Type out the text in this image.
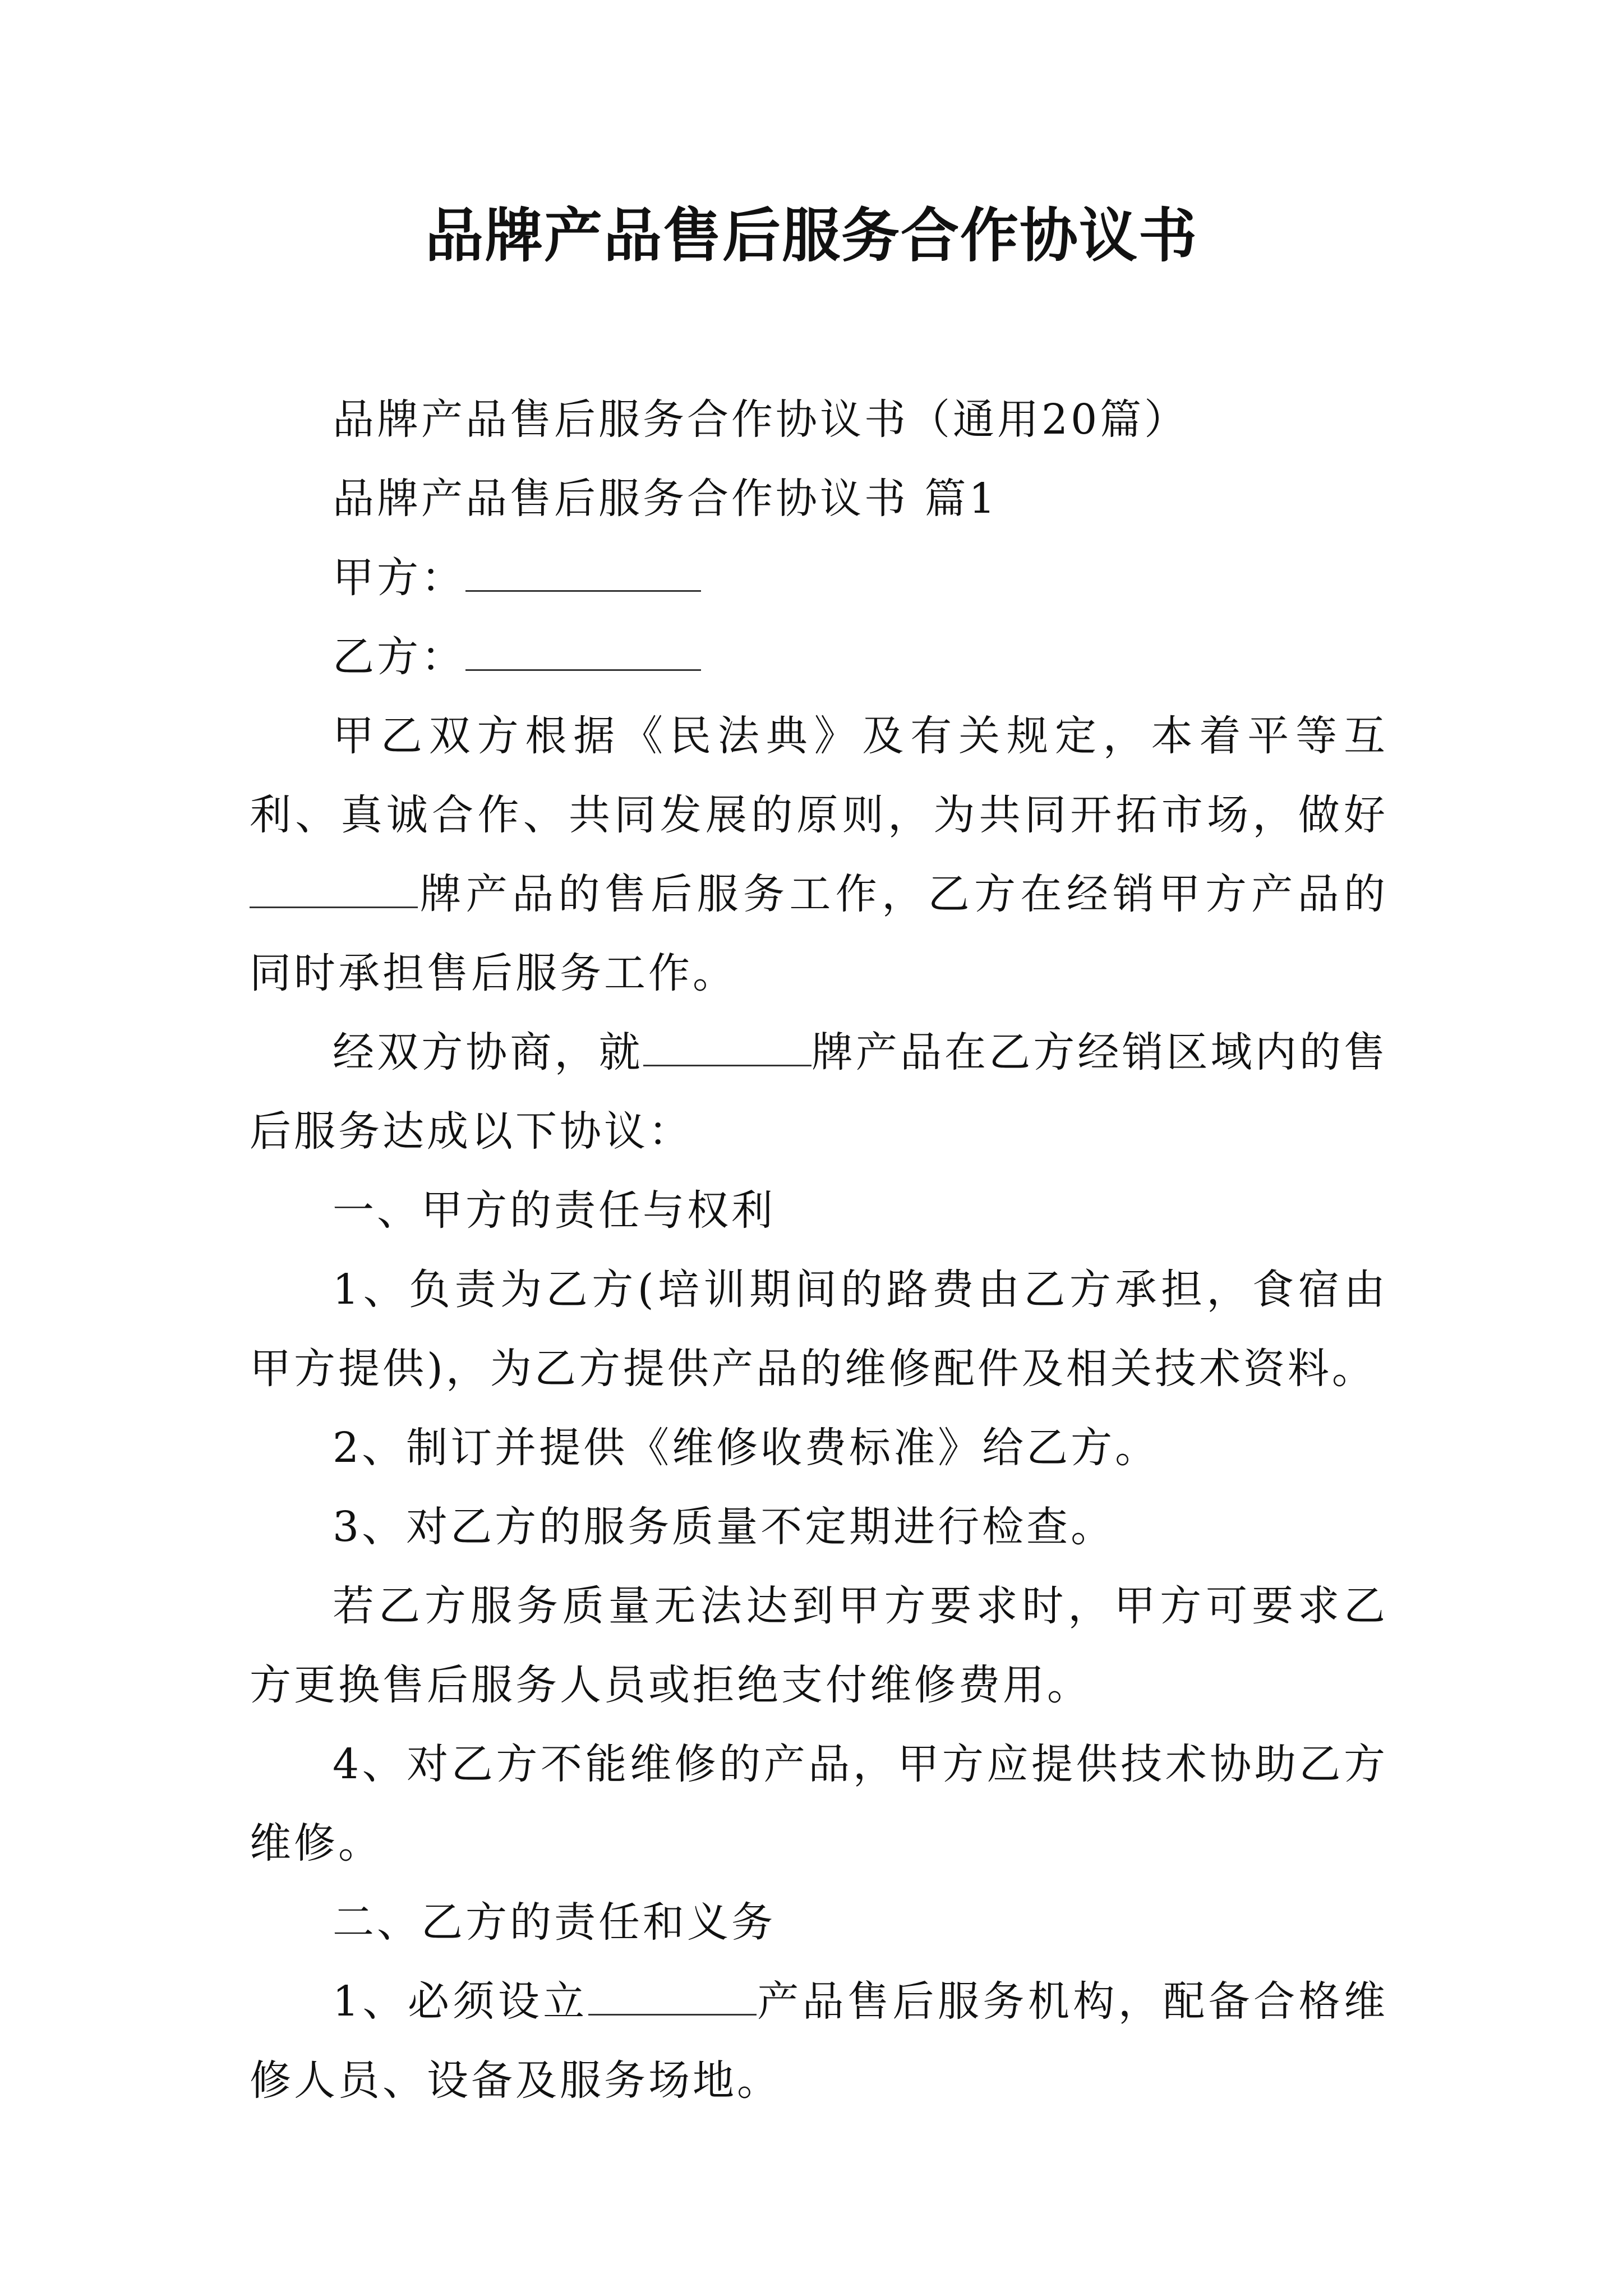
品牌产品售后服务合作协议书

品牌产品售后服务合作协议书（通用20篇）

品牌产品售后服务合作协议书 篇1

甲方：

乙方：

甲乙双方根据《民法典》及有关规定，本着平等互利、真诚合作、共同发展的原则，为共同开拓市场，做好牌产品的售后服务工作，乙方在经销甲方产品的同时承担售后服务工作。

经双方协商，就	牌产品在乙方经销区域内的售后服务达成以下协议：

一、甲方的责任与权利

1、负责为乙方(培训期间的路费由乙方承担，食宿由甲方提供)，为乙方提供产品的维修配件及相关技术资料。

2、制订并提供《维修收费标准》给乙方。

3、对乙方的服务质量不定期进行检查。

若乙方服务质量无法达到甲方要求时，甲方可要求乙方更换售后服务人员或拒绝支付维修费用。

4、对乙方不能维修的产品，甲方应提供技术协助乙方维修。

二、乙方的责任和义务

1、必须设立	产品售后服务机构，配备合格维修人员、设备及服务场地。
